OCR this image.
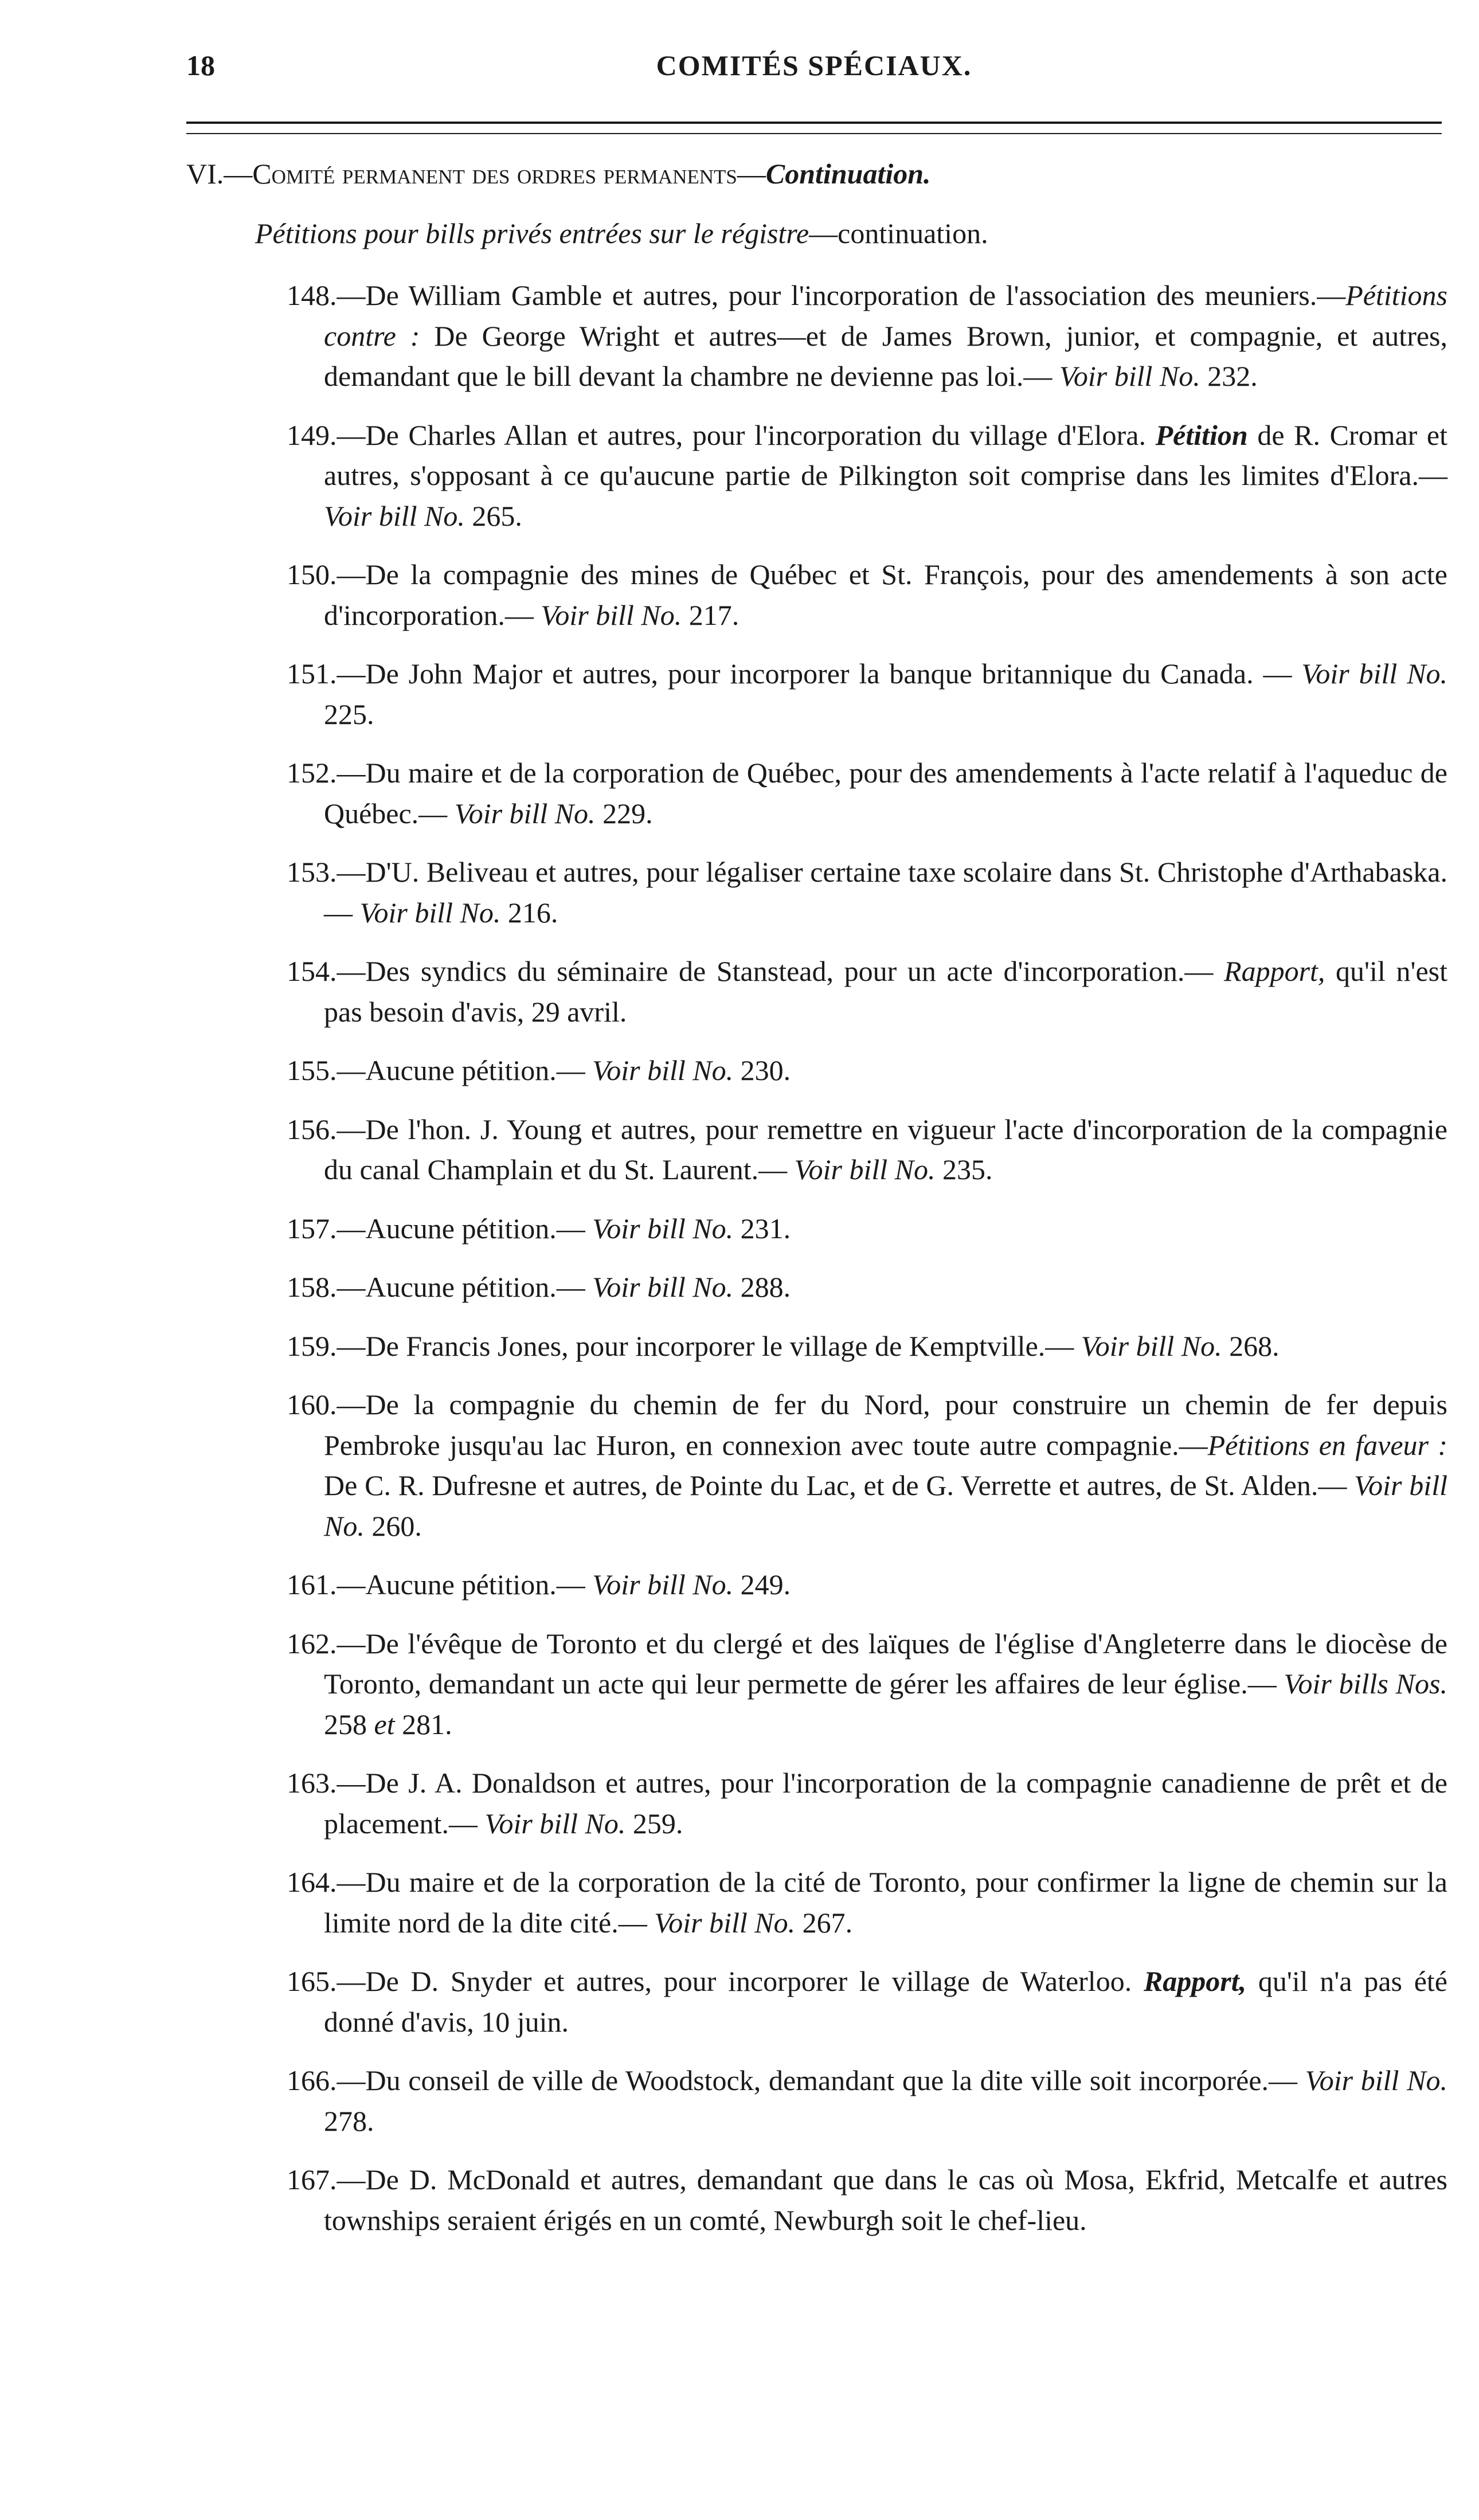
18	COMITÉS SPÉCIAUX.
VI.—Comité permanent des ordres permanents—Continuation.
Pétitions pour bills privés entrées sur le régistre—continuation.

148.—De William Gamble et autres, pour l'incorporation de l'association des meuniers.—Pétitions contre : De George Wright et autres—et de James Brown, junior, et compagnie, et autres, demandant que le bill devant la chambre ne devienne pas loi.— Voir bill No. 232.

149.—De Charles Allan et autres, pour l'incorporation du village d'Elora. Pétition de R. Cromar et autres, s'opposant à ce qu'aucune partie de Pilkington soit comprise dans les limites d'Elora.— Voir bill No. 265.

150.—De la compagnie des mines de Québec et St. François, pour des amendements à son acte d'incorporation.— Voir bill No. 217.

151.—De John Major et autres, pour incorporer la banque britannique du Canada. — Voir bill No. 225.

152.—Du maire et de la corporation de Québec, pour des amendements à l'acte relatif à l'aqueduc de Québec.— Voir bill No. 229.

153.—D'U. Beliveau et autres, pour légaliser certaine taxe scolaire dans St. Christophe d'Arthabaska.— Voir bill No. 216.

154.—Des syndics du séminaire de Stanstead, pour un acte d'incorporation.— Rapport, qu'il n'est pas besoin d'avis, 29 avril.

155.—Aucune pétition.— Voir bill No. 230.

156.—De l'hon. J. Young et autres, pour remettre en vigueur l'acte d'incorporation de la compagnie du canal Champlain et du St. Laurent.— Voir bill No. 235.

157.—Aucune pétition.— Voir bill No. 231.

158.—Aucune pétition.— Voir bill No. 288.

159.—De Francis Jones, pour incorporer le village de Kemptville.— Voir bill No. 268.

160.—De la compagnie du chemin de fer du Nord, pour construire un chemin de fer depuis Pembroke jusqu'au lac Huron, en connexion avec toute autre compagnie.—Pétitions en faveur : De C. R. Dufresne et autres, de Pointe du Lac, et de G. Verrette et autres, de St. Alden.— Voir bill No. 260.

161.—Aucune pétition.— Voir bill No. 249.

162.—De l'évêque de Toronto et du clergé et des laïques de l'église d'Angleterre dans le diocèse de Toronto, demandant un acte qui leur permette de gérer les affaires de leur église.— Voir bills Nos. 258 et 281.

163.—De J. A. Donaldson et autres, pour l'incorporation de la compagnie canadienne de prêt et de placement.— Voir bill No. 259.

164.—Du maire et de la corporation de la cité de Toronto, pour confirmer la ligne de chemin sur la limite nord de la dite cité.— Voir bill No. 267.

165.—De D. Snyder et autres, pour incorporer le village de Waterloo. Rapport, qu'il n'a pas été donné d'avis, 10 juin.

166.—Du conseil de ville de Woodstock, demandant que la dite ville soit incorporée.— Voir bill No. 278.

167.—De D. McDonald et autres, demandant que dans le cas où Mosa, Ekfrid, Metcalfe et autres townships seraient érigés en un comté, Newburgh soit le chef-lieu.
